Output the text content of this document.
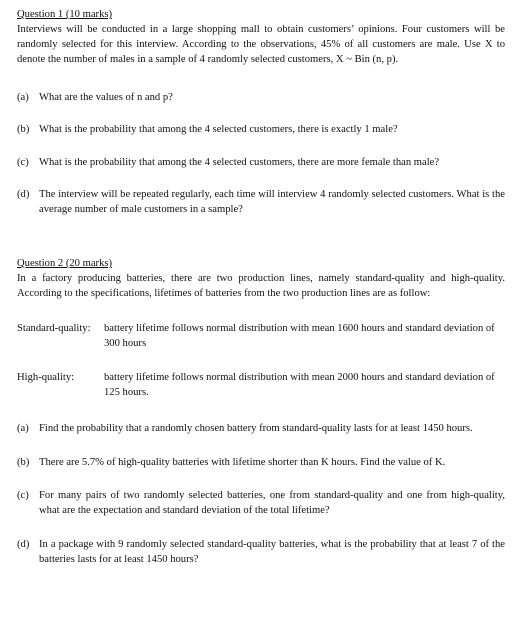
Question 1 (10 marks)
Interviews will be conducted in a large shopping mall to obtain customers’ opinions. Four customers will be randomly selected for this interview. According to the observations, 45% of all customers are male. Use X to denote the number of males in a sample of 4 randomly selected customers, X ~ Bin (n, p).
(a) What are the values of n and p?
(b) What is the probability that among the 4 selected customers, there is exactly 1 male?
(c) What is the probability that among the 4 selected customers, there are more female than male?
(d) The interview will be repeated regularly, each time will interview 4 randomly selected customers. What is the average number of male customers in a sample?
Question 2 (20 marks)
In a factory producing batteries, there are two production lines, namely standard-quality and high-quality. According to the specifications, lifetimes of batteries from the two production lines are as follow:
Standard-quality: battery lifetime follows normal distribution with mean 1600 hours and standard deviation of 300 hours
High-quality:	battery lifetime follows normal distribution with mean 2000 hours and standard deviation of 125 hours.
(a) Find the probability that a randomly chosen battery from standard-quality lasts for at least 1450 hours.
(b) There are 5.7% of high-quality batteries with lifetime shorter than K hours. Find the value of K.
(c) For many pairs of two randomly selected batteries, one from standard-quality and one from high-quality, what are the expectation and standard deviation of the total lifetime?
(d) In a package with 9 randomly selected standard-quality batteries, what is the probability that at least 7 of the batteries lasts for at least 1450 hours?
